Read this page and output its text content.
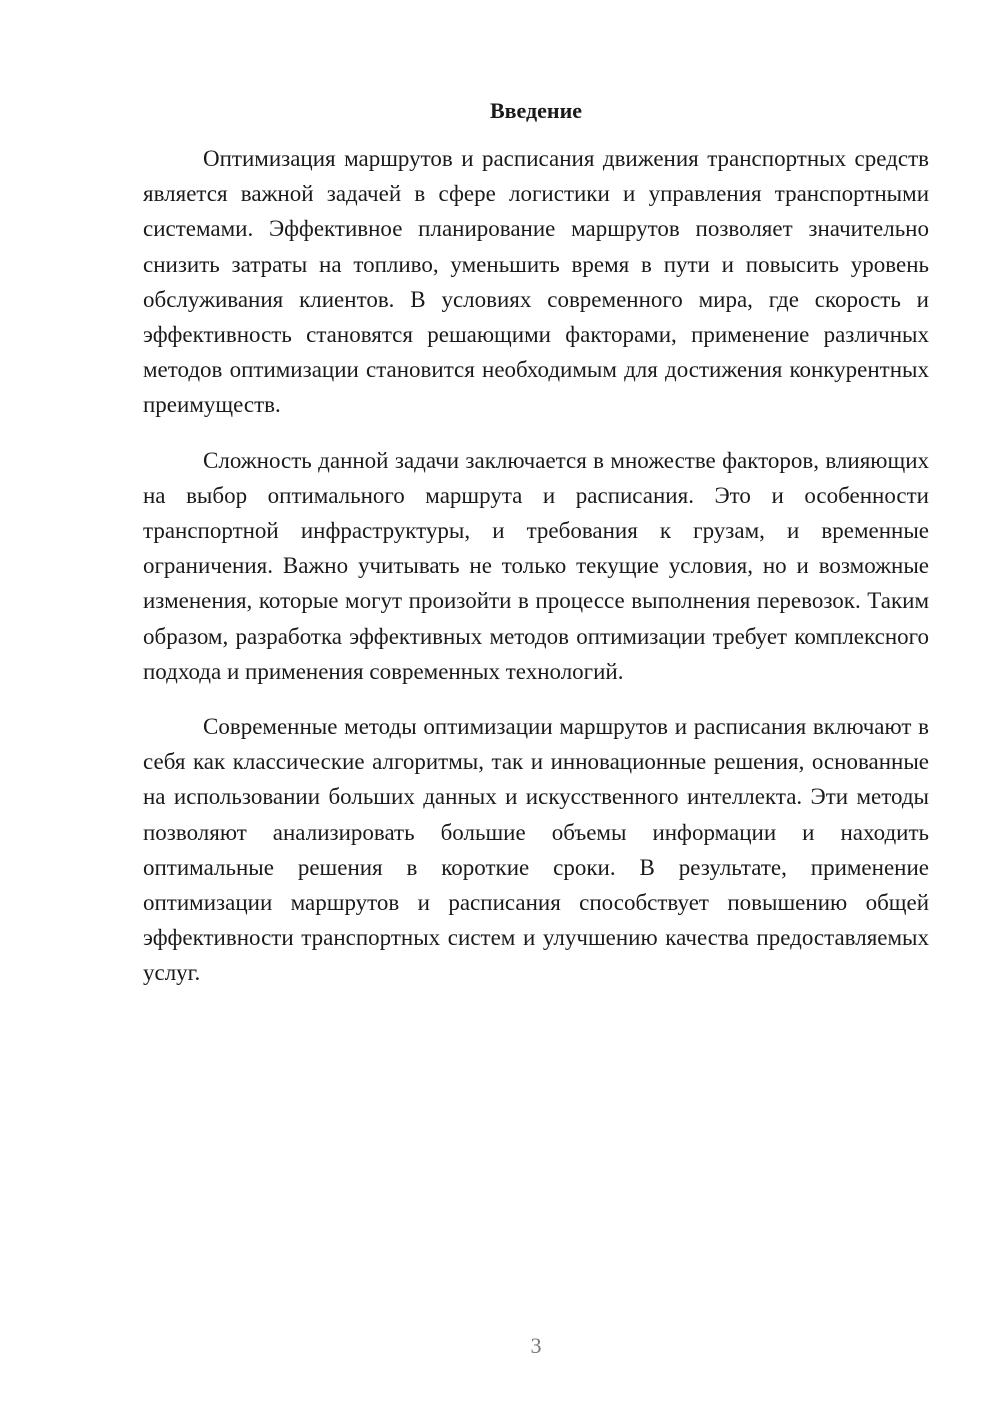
Введение

Оптимизация маршрутов и расписания движения транспортных средств является важной задачей в сфере логистики и управления транспортными системами. Эффективное планирование маршрутов позволяет значительно снизить затраты на топливо, уменьшить время в пути и повысить уровень обслуживания клиентов. В условиях современного мира, где скорость и эффективность становятся решающими факторами, применение различных методов оптимизации становится необходимым для достижения конкурентных преимуществ.

Сложность данной задачи заключается в множестве факторов, влияющих на выбор оптимального маршрута и расписания. Это и особенности транспортной инфраструктуры, и требования к грузам, и временные ограничения. Важно учитывать не только текущие условия, но и возможные изменения, которые могут произойти в процессе выполнения перевозок. Таким образом, разработка эффективных методов оптимизации требует комплексного подхода и применения современных технологий.

Современные методы оптимизации маршрутов и расписания включают в себя как классические алгоритмы, так и инновационные решения, основанные на использовании больших данных и искусственного интеллекта. Эти методы позволяют анализировать большие объемы информации и находить оптимальные решения в короткие сроки. В результате, применение оптимизации маршрутов и расписания способствует повышению общей эффективности транспортных систем и улучшению качества предоставляемых услуг.

3
